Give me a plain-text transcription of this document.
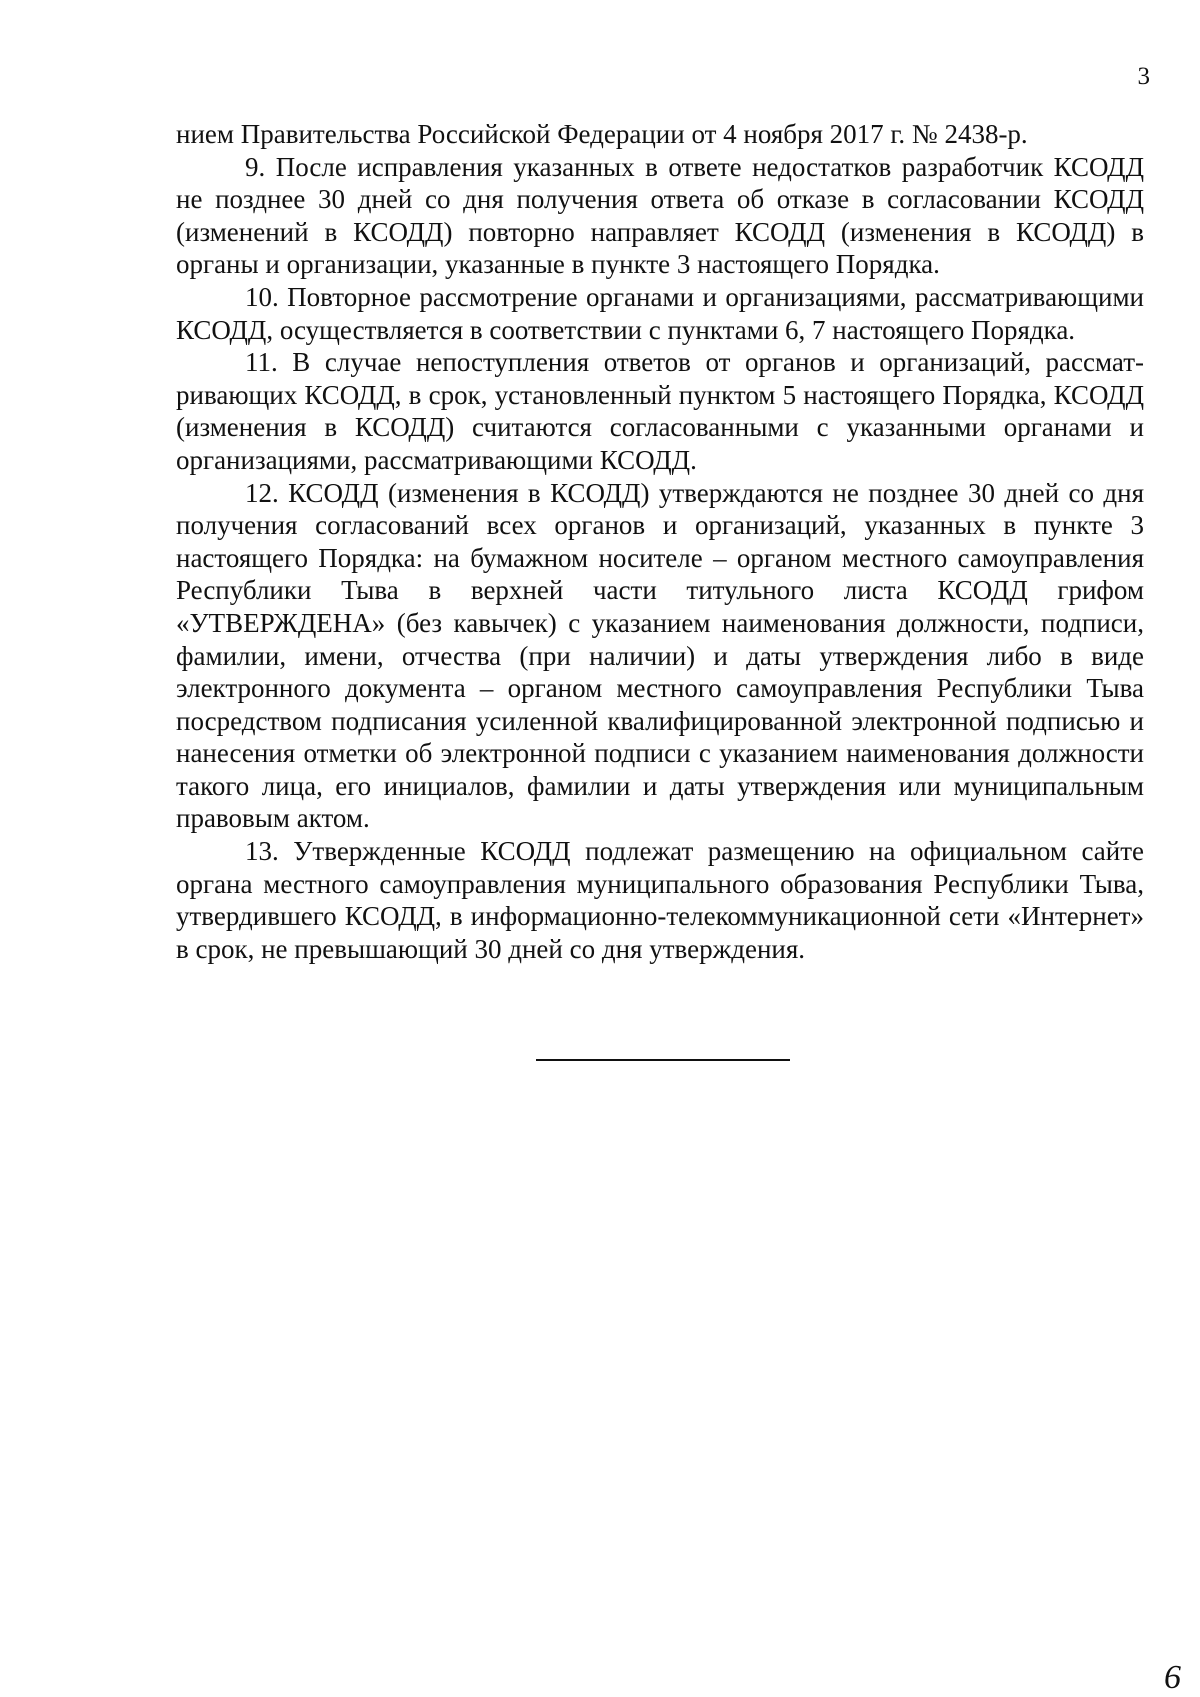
3

нием Правительства Российской Федерации от 4 ноября 2017 г. № 2438-р.

9. После исправления указанных в ответе недостатков разработчик КСОДД не позднее 30 дней со дня получения ответа об отказе в согласовании КСОДД (изменений в КСОДД) повторно направляет КСОДД (изменения в КСОДД) в органы и организации, указанные в пункте 3 настоящего Порядка.

10. Повторное рассмотрение органами и организациями, рассматривающими КСОДД, осуществляется в соответствии с пунктами 6, 7 настоящего Порядка.

11. В случае непоступления ответов от органов и организаций, рассматривающих КСОДД, в срок, установленный пунктом 5 настоящего Порядка, КСОДД (изменения в КСОДД) считаются согласованными с указанными органами и организациями, рассматривающими КСОДД.

12. КСОДД (изменения в КСОДД) утверждаются не позднее 30 дней со дня получения согласований всех органов и организаций, указанных в пункте 3 настоящего Порядка: на бумажном носителе – органом местного самоуправления Республики Тыва в верхней части титульного листа КСОДД грифом «УТВЕРЖДЕНА» (без кавычек) с указанием наименования должности, подписи, фамилии, имени, отчества (при наличии) и даты утверждения либо в виде электронного документа – органом местного самоуправления Республики Тыва посредством подписания усиленной квалифицированной электронной подписью и нанесения отметки об электронной подписи с указанием наименования должности такого лица, его инициалов, фамилии и даты утверждения или муниципальным правовым актом.

13. Утвержденные КСОДД подлежат размещению на официальном сайте органа местного самоуправления муниципального образования Республики Тыва, утвердившего КСОДД, в информационно-телекоммуникационной сети «Интернет» в срок, не превышающий 30 дней со дня утверждения.

6
